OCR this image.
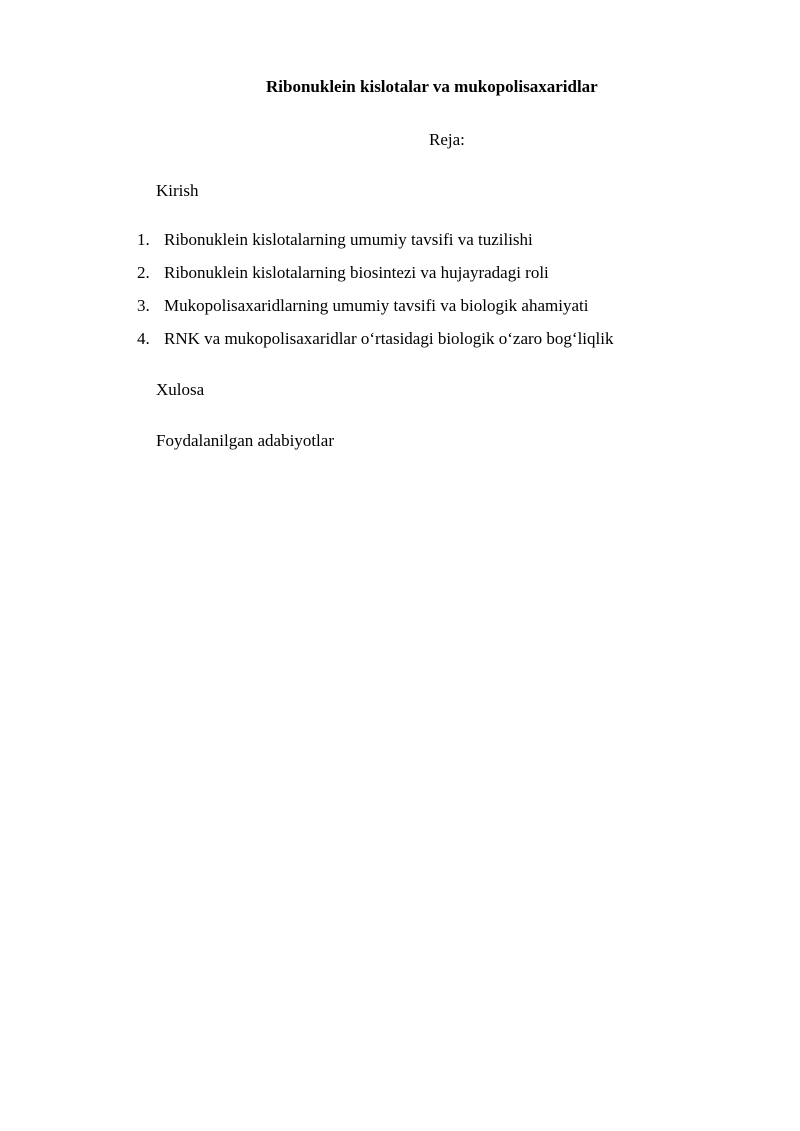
Ribonuklein kislotalar va mukopolisaxaridlar
Reja:
Kirish
1. Ribonuklein kislotalarning umumiy tavsifi va tuzilishi
2. Ribonuklein kislotalarning biosintezi va hujayradagi roli
3. Mukopolisaxaridlarning umumiy tavsifi va biologik ahamiyati
4. RNK va mukopolisaxaridlar o‘rtasidagi biologik o‘zaro bog‘liqlik
Xulosa
Foydalanilgan adabiyotlar
